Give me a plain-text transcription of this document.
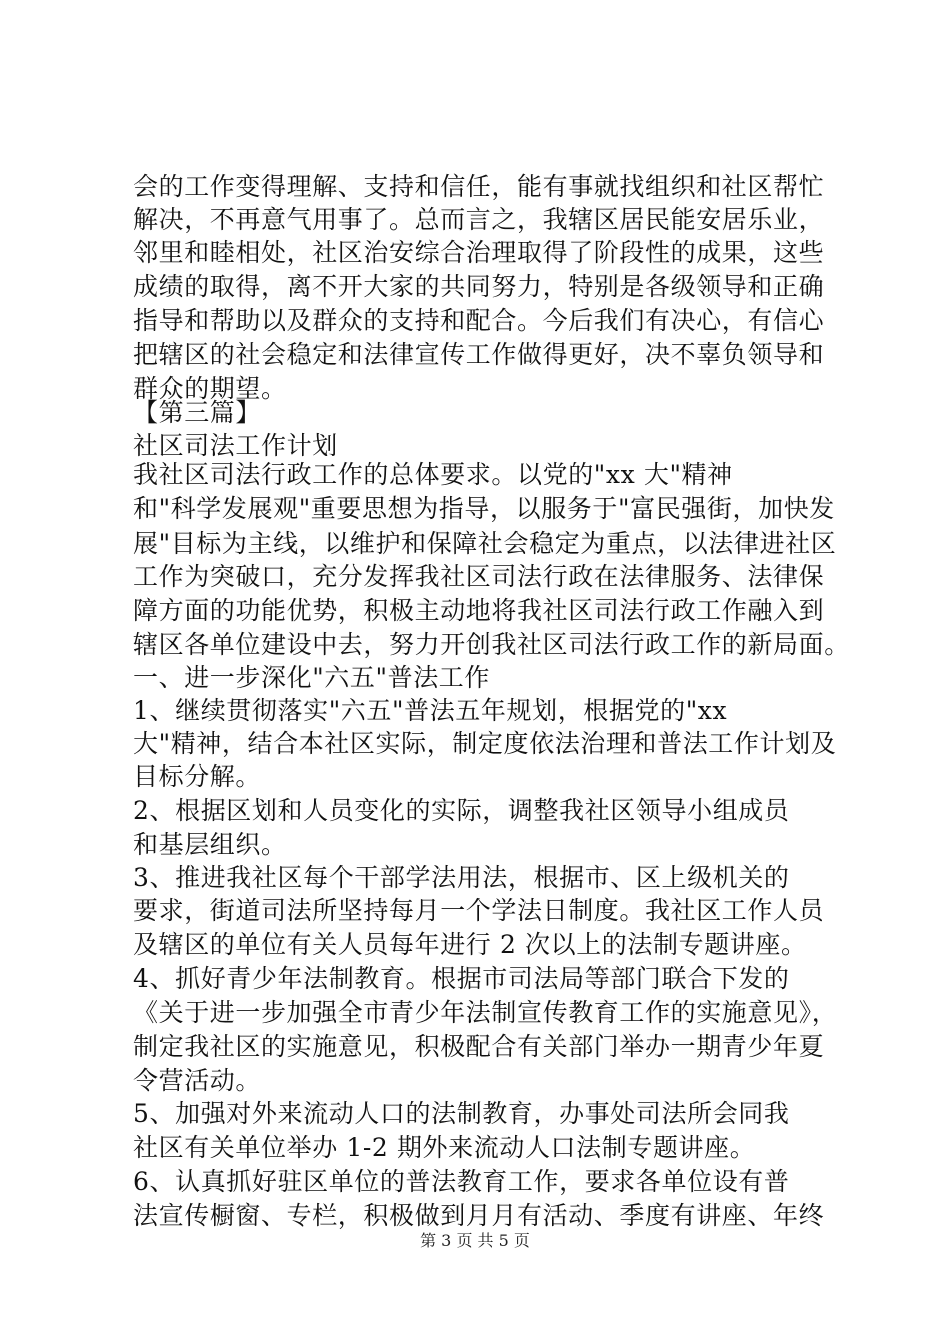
会的工作变得理解、支持和信任，能有事就找组织和社区帮忙
解决，不再意气用事了。总而言之，我辖区居民能安居乐业，
邻里和睦相处，社区治安综合治理取得了阶段性的成果，这些
成绩的取得，离不开大家的共同努力，特别是各级领导和正确
指导和帮助以及群众的支持和配合。今后我们有决心，有信心
把辖区的社会稳定和法律宣传工作做得更好，决不辜负领导和
群众的期望。
【第三篇】
社区司法工作计划
我社区司法行政工作的总体要求。以党的"xx 大"精神
和"科学发展观"重要思想为指导，以服务于"富民强街，加快发
展"目标为主线，以维护和保障社会稳定为重点，以法律进社区
工作为突破口，充分发挥我社区司法行政在法律服务、法律保
障方面的功能优势，积极主动地将我社区司法行政工作融入到
辖区各单位建设中去，努力开创我社区司法行政工作的新局面。
一、进一步深化"六五"普法工作
1、继续贯彻落实"六五"普法五年规划，根据党的"xx
大"精神，结合本社区实际，制定度依法治理和普法工作计划及
目标分解。
2、根据区划和人员变化的实际，调整我社区领导小组成员
和基层组织。
3、推进我社区每个干部学法用法，根据市、区上级机关的
要求，街道司法所坚持每月一个学法日制度。我社区工作人员
及辖区的单位有关人员每年进行 2 次以上的法制专题讲座。
4、抓好青少年法制教育。根据市司法局等部门联合下发的
《关于进一步加强全市青少年法制宣传教育工作的实施意见》，
制定我社区的实施意见，积极配合有关部门举办一期青少年夏
令营活动。
5、加强对外来流动人口的法制教育，办事处司法所会同我
社区有关单位举办 1-2 期外来流动人口法制专题讲座。
6、认真抓好驻区单位的普法教育工作，要求各单位设有普
法宣传橱窗、专栏，积极做到月月有活动、季度有讲座、年终
第 3 页 共 5 页
